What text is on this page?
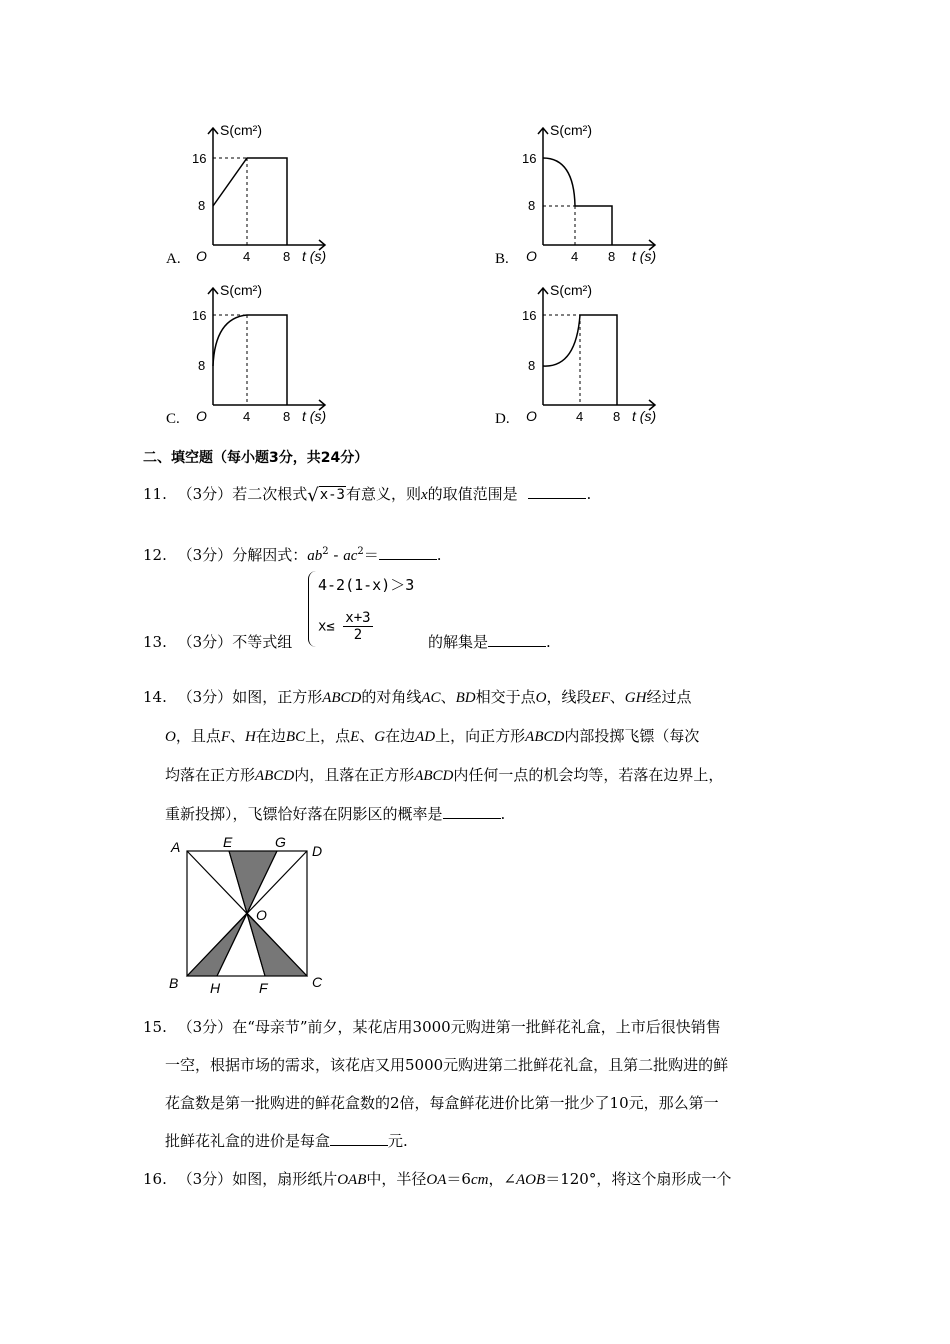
S(cm²)
16
8
O	4	8 t (s)
A.
S(cm²)
16
8
O	4 8 t (s)
B.
S(cm²)
16
8
O	4	8 t (s)
C.
S(cm²)
16
8
O	4 8 t (s)
D.
二、填空题（每小题3分，共24分）
11. （3分）若二次根式√x-3有意义，则x的取值范围是	.
12. （3分）分解因式：$ab^2 - ac^2=$	.
13. （3分）不等式组
4-2(1-x)＞3
$x\le \frac{x+3}{2}$	的解集是	.
14. （3分）如图，正方形ABCD的对角线AC、BD相交于点O，线段EF、GH经过点
O，且点F、H在边BC上，点E、G在边AD上，向正方形ABCD内部投掷飞镖（每次
均落在正方形ABCD内，且落在正方形ABCD内任何一点的机会均等，若落在边界上，
重新投掷），飞镖恰好落在阴影区的概率是	.
A	E	G
D
O
B H	F	C
15. （3分）在“母亲节”前夕，某花店用3000元购进第一批鲜花礼盒，上市后很快销售
一空，根据市场的需求，该花店又用5000元购进第二批鲜花礼盒，且第二批购进的鲜
花盒数是第一批购进的鲜花盒数的2倍，每盒鲜花进价比第一批少了10元，那么第一
批鲜花礼盒的进价是每盒	元.
16. （3分）如图，扇形纸片OAB中，半径OA＝6cm，∠AOB＝120°，将这个扇形成一个
